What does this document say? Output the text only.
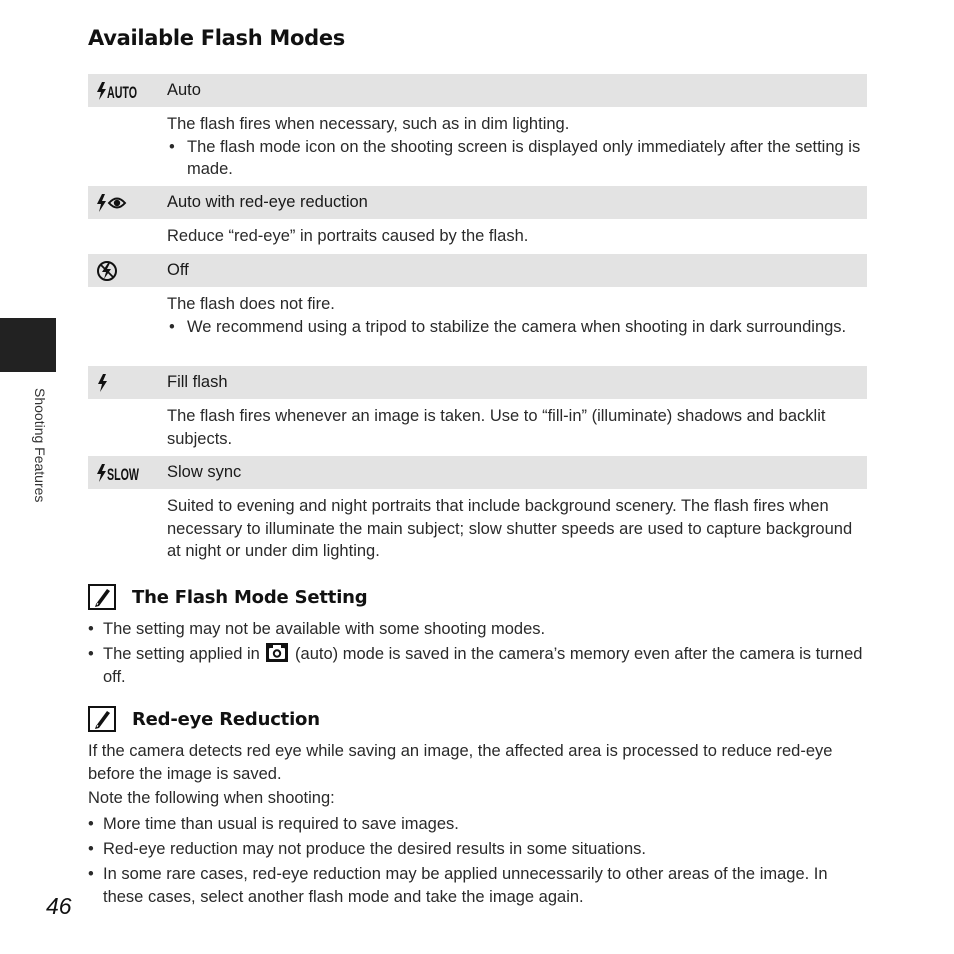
Available Flash Modes
AUTO Auto

The flash fires when necessary, such as in dim lighting.

• The flash mode icon on the shooting screen is displayed only immediately after the setting is made.
Auto with red-eye reduction

Reduce “red-eye” in portraits caused by the flash.

Off

The flash does not fire.

• We recommend using a tripod to stabilize the camera when shooting in dark surroundings.
Fill flash

The flash fires whenever an image is taken. Use to “fill-in” (illuminate) shadows and backlit subjects.

SLOW Slow sync

Suited to evening and night portraits that include background scenery. The flash fires when necessary to illuminate the main subject; slow shutter speeds are used to capture background at night or under dim lighting.

The Flash Mode Setting
• The setting may not be available with some shooting modes.
• The setting applied in (auto) mode is saved in the camera’s memory even after the camera is turned off.
Red-eye Reduction

If the camera detects red eye while saving an image, the affected area is processed to reduce red-eye before the image is saved.

Note the following when shooting:

• More time than usual is required to save images.
• Red-eye reduction may not produce the desired results in some situations.
• In some rare cases, red-eye reduction may be applied unnecessarily to other areas of the image. In these cases, select another flash mode and take the image again.
Shooting Features
46
